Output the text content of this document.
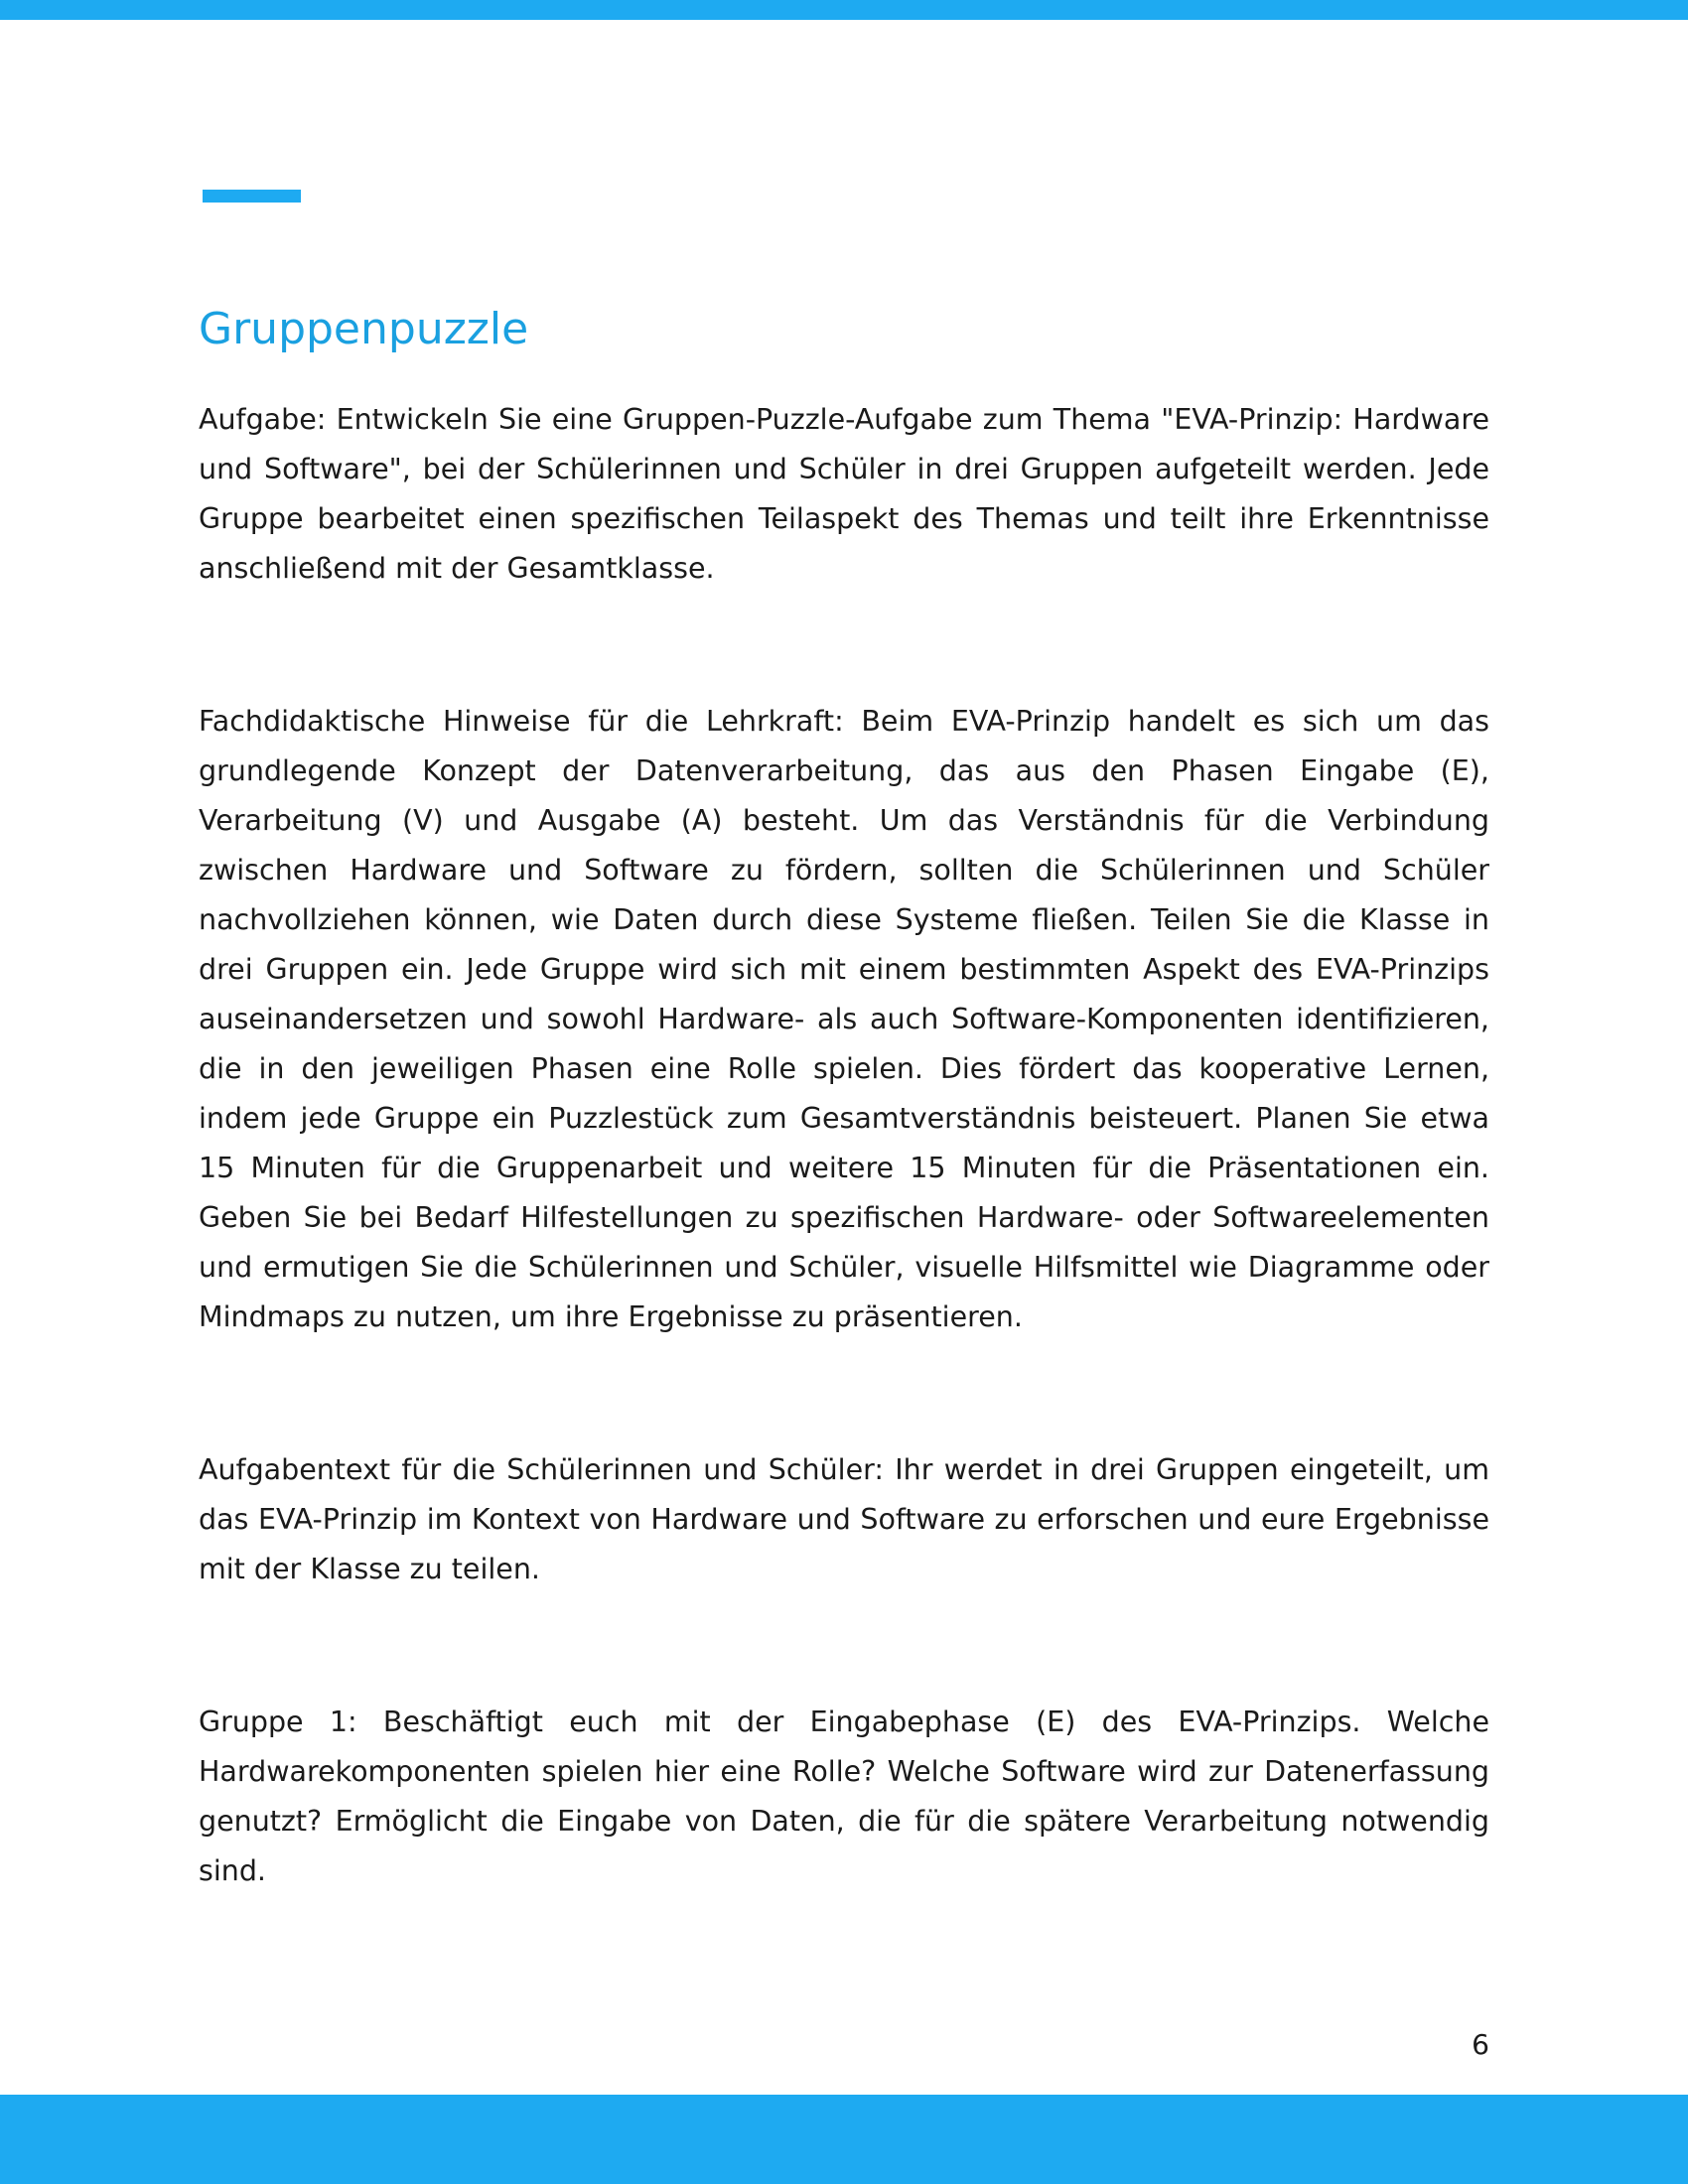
Gruppenpuzzle

Aufgabe: Entwickeln Sie eine Gruppen-Puzzle-Aufgabe zum Thema "EVA-Prinzip: Hardware und Software", bei der Schülerinnen und Schüler in drei Gruppen aufgeteilt werden. Jede Gruppe bearbeitet einen spezifischen Teilaspekt des Themas und teilt ihre Erkenntnisse anschließend mit der Gesamtklasse.

Fachdidaktische Hinweise für die Lehrkraft: Beim EVA-Prinzip handelt es sich um das grundlegende Konzept der Datenverarbeitung, das aus den Phasen Eingabe (E), Verarbeitung (V) und Ausgabe (A) besteht. Um das Verständnis für die Verbindung zwischen Hardware und Software zu fördern, sollten die Schülerinnen und Schüler nachvollziehen können, wie Daten durch diese Systeme fließen. Teilen Sie die Klasse in drei Gruppen ein. Jede Gruppe wird sich mit einem bestimmten Aspekt des EVA-Prinzips auseinandersetzen und sowohl Hardware- als auch Software-Komponenten identifizieren, die in den jeweiligen Phasen eine Rolle spielen. Dies fördert das kooperative Lernen, indem jede Gruppe ein Puzzlestück zum Gesamtverständnis beisteuert. Planen Sie etwa 15 Minuten für die Gruppenarbeit und weitere 15 Minuten für die Präsentationen ein. Geben Sie bei Bedarf Hilfestellungen zu spezifischen Hardware- oder Softwareelementen und ermutigen Sie die Schülerinnen und Schüler, visuelle Hilfsmittel wie Diagramme oder Mindmaps zu nutzen, um ihre Ergebnisse zu präsentieren.

Aufgabentext für die Schülerinnen und Schüler: Ihr werdet in drei Gruppen eingeteilt, um das EVA-Prinzip im Kontext von Hardware und Software zu erforschen und eure Ergebnisse mit der Klasse zu teilen.

Gruppe 1: Beschäftigt euch mit der Eingabephase (E) des EVA-Prinzips. Welche Hardwarekomponenten spielen hier eine Rolle? Welche Software wird zur Datenerfassung genutzt? Ermöglicht die Eingabe von Daten, die für die spätere Verarbeitung notwendig sind.

6
